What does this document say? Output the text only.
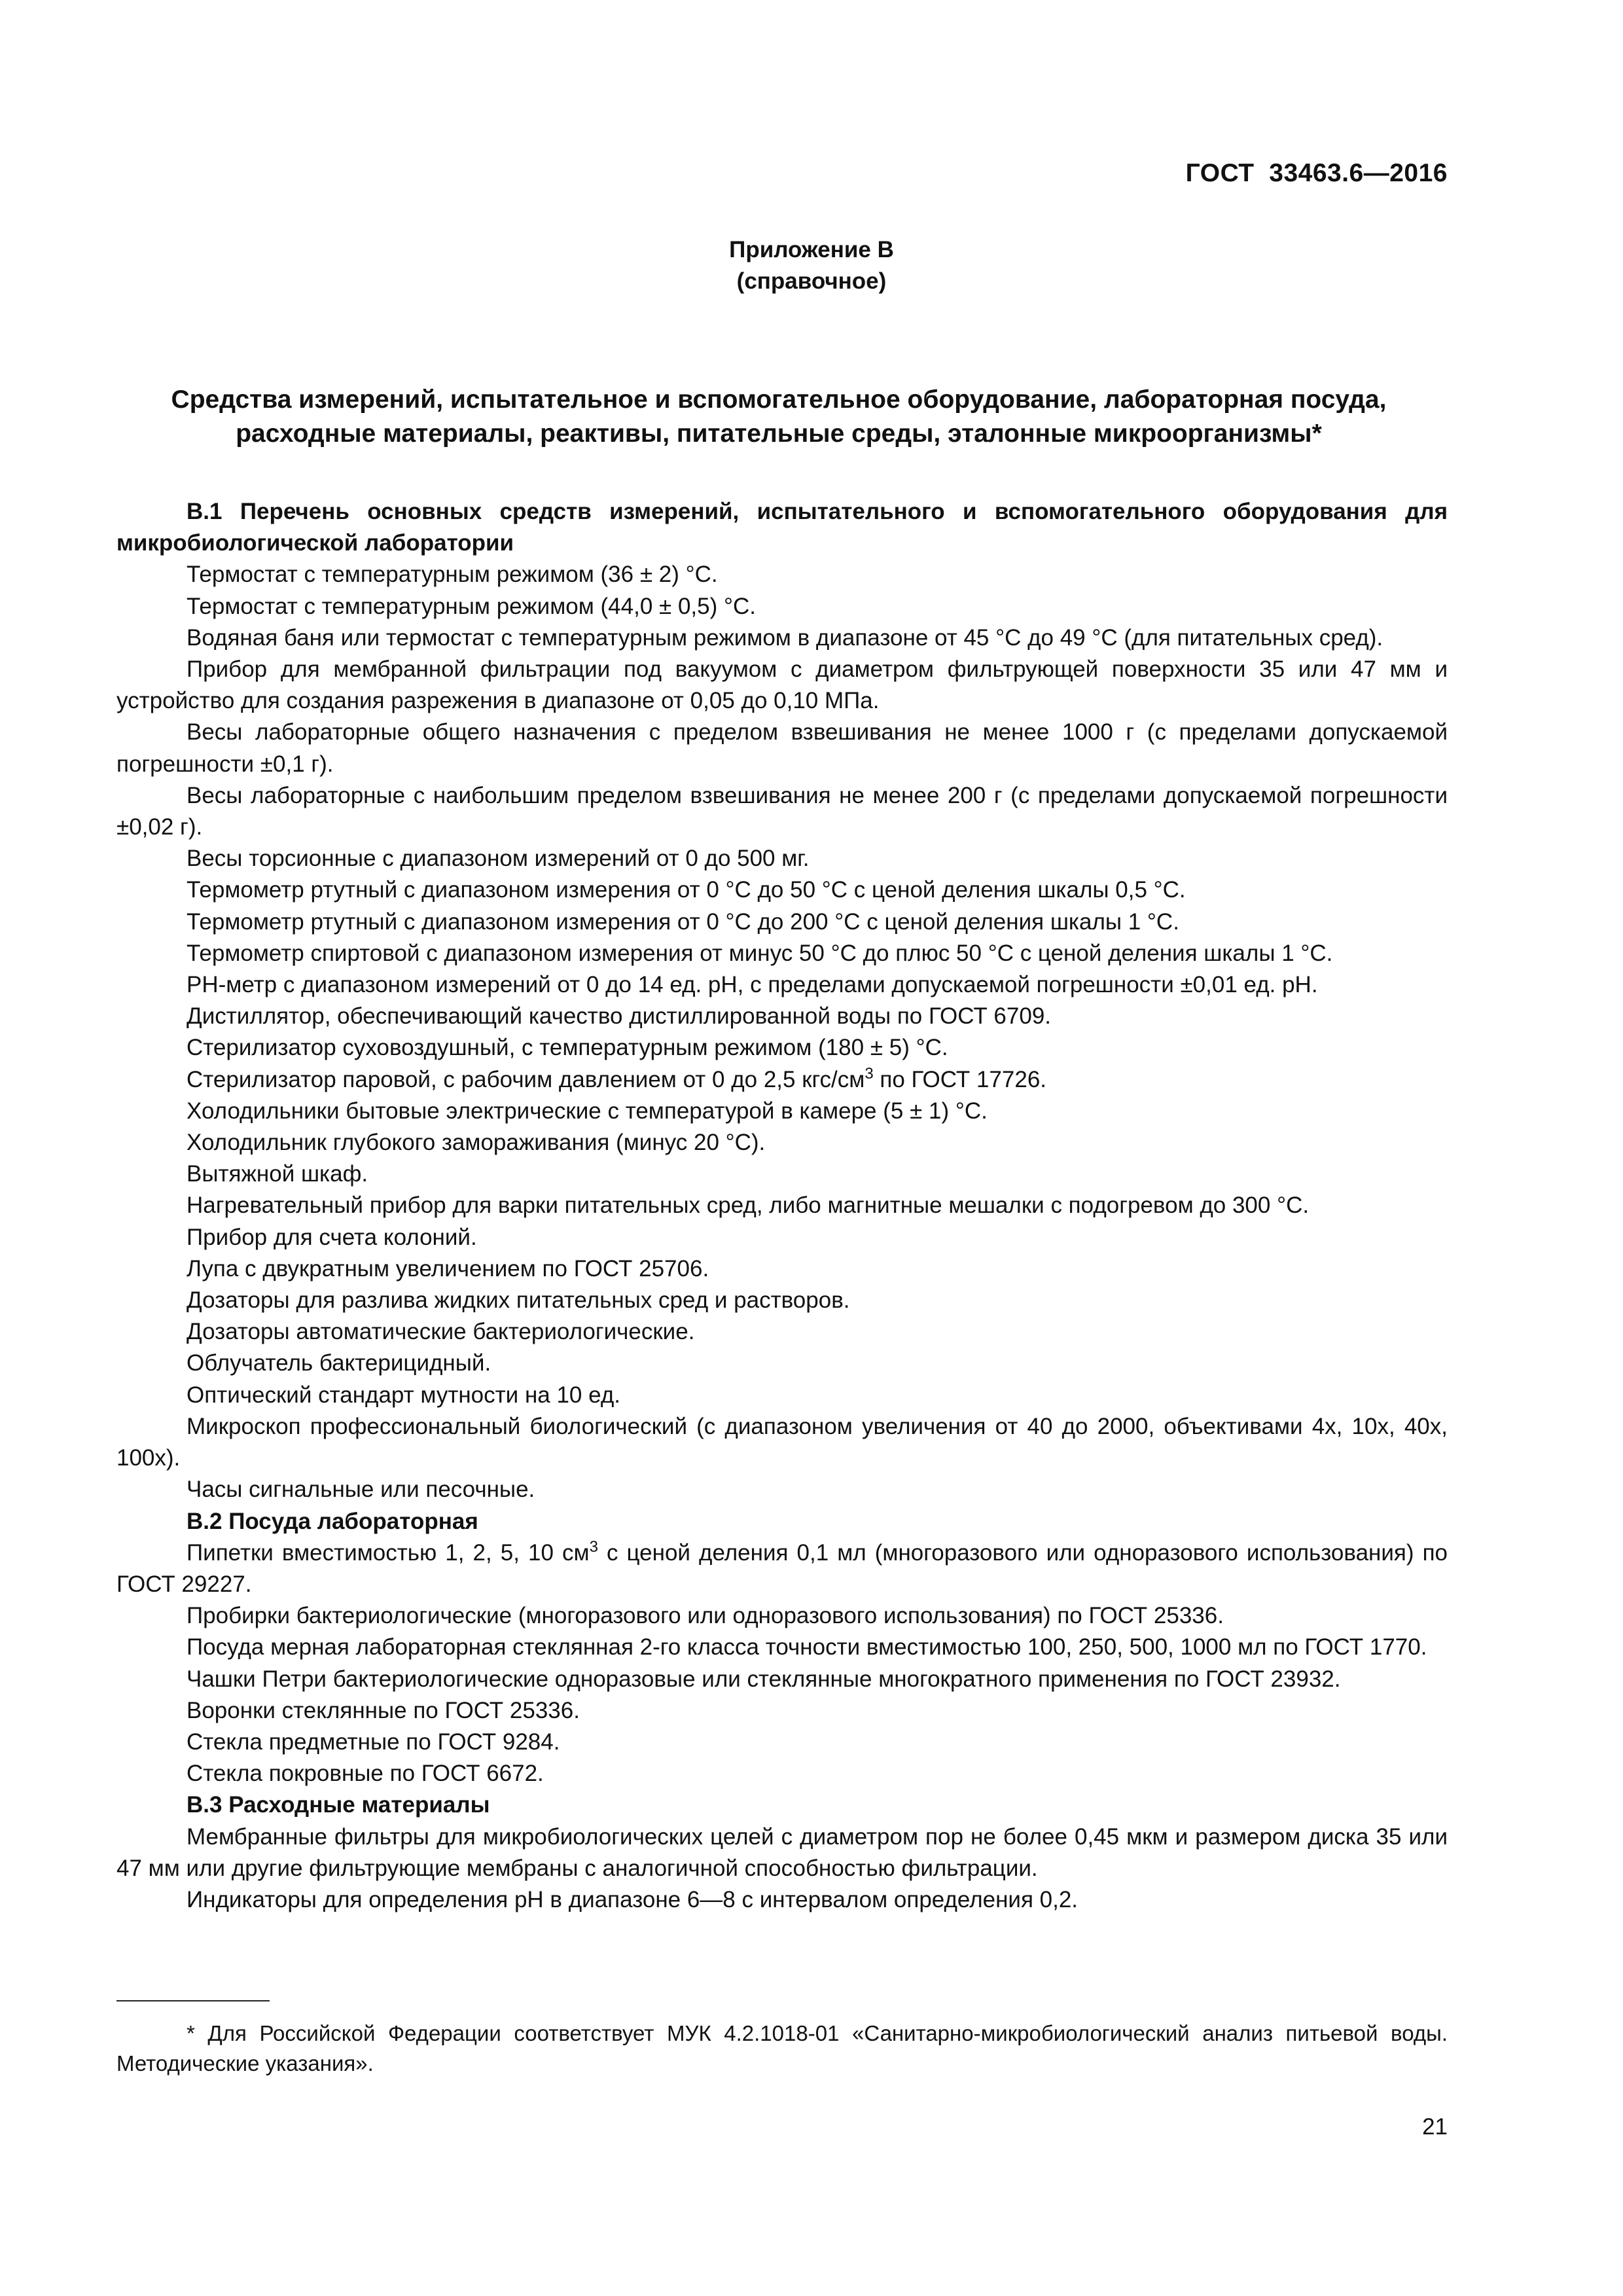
ГОСТ  33463.6—2016
Приложение В
(справочное)
Средства измерений, испытательное и вспомогательное оборудование, лабораторная посуда, расходные материалы, реактивы, питательные среды, эталонные микроорганизмы*

В.1 Перечень основных средств измерений, испытательного и вспомогательного оборудования для микробиологической лаборатории

Термостат с температурным режимом (36 ± 2) °С.

Термостат с температурным режимом (44,0 ± 0,5) °С.

Водяная баня или термостат с температурным режимом в диапазоне от 45 °С до 49 °С (для питательных сред).

Прибор для мембранной фильтрации под вакуумом с диаметром фильтрующей поверхности 35 или 47 мм и устройство для создания разрежения в диапазоне от 0,05 до 0,10 МПа.

Весы лабораторные общего назначения с пределом взвешивания не менее 1000 г (с пределами допускаемой погрешности ±0,1 г).

Весы лабораторные с наибольшим пределом взвешивания не менее 200 г (с пределами допускаемой погрешности ±0,02 г).

Весы торсионные с диапазоном измерений от 0 до 500 мг.

Термометр ртутный с диапазоном измерения от 0 °С до 50 °С с ценой деления шкалы 0,5 °С.

Термометр ртутный с диапазоном измерения от 0 °С до 200 °С с ценой деления шкалы 1 °С.

Термометр спиртовой с диапазоном измерения от минус 50 °С до плюс 50 °С с ценой деления шкалы 1 °С.

РН-метр с диапазоном измерений от 0 до 14 ед. рН, с пределами допускаемой погрешности ±0,01 ед. рН.

Дистиллятор, обеспечивающий качество дистиллированной воды по ГОСТ 6709.

Стерилизатор суховоздушный, с температурным режимом (180 ± 5) °С.

Стерилизатор паровой, с рабочим давлением от 0 до 2,5 кгс/$см^3$ по ГОСТ 17726.

Холодильники бытовые электрические с температурой в камере (5 ± 1) °С.

Холодильник глубокого замораживания (минус 20 °С).

Вытяжной шкаф.

Нагревательный прибор для варки питательных сред, либо магнитные мешалки с подогревом до 300 °С.

Прибор для счета колоний.

Лупа с двукратным увеличением по ГОСТ 25706.

Дозаторы для разлива жидких питательных сред и растворов.

Дозаторы автоматические бактериологические.

Облучатель бактерицидный.

Оптический стандарт мутности на 10 ед.

Микроскоп профессиональный биологический (с диапазоном увеличения от 40 до 2000, объективами 4х, 10х, 40х, 100х).

Часы сигнальные или песочные.

В.2 Посуда лабораторная

Пипетки вместимостью 1, 2, 5, 10 $см^3$ с ценой деления 0,1 мл (многоразового или одноразового использования) по ГОСТ 29227.

Пробирки бактериологические (многоразового или одноразового использования) по ГОСТ 25336.

Посуда мерная лабораторная стеклянная 2-го класса точности вместимостью 100, 250, 500, 1000 мл по ГОСТ 1770.

Чашки Петри бактериологические одноразовые или стеклянные многократного применения по ГОСТ 23932.

Воронки стеклянные по ГОСТ 25336.

Стекла предметные по ГОСТ 9284.

Стекла покровные по ГОСТ 6672.

В.3 Расходные материалы

Мембранные фильтры для микробиологических целей с диаметром пор не более 0,45 мкм и размером диска 35 или 47 мм или другие фильтрующие мембраны с аналогичной способностью фильтрации.

Индикаторы для определения рН в диапазоне 6—8 с интервалом определения 0,2.

* Для Российской Федерации соответствует МУК 4.2.1018-01 «Санитарно-микробиологический анализ питьевой воды. Методические указания».

21
